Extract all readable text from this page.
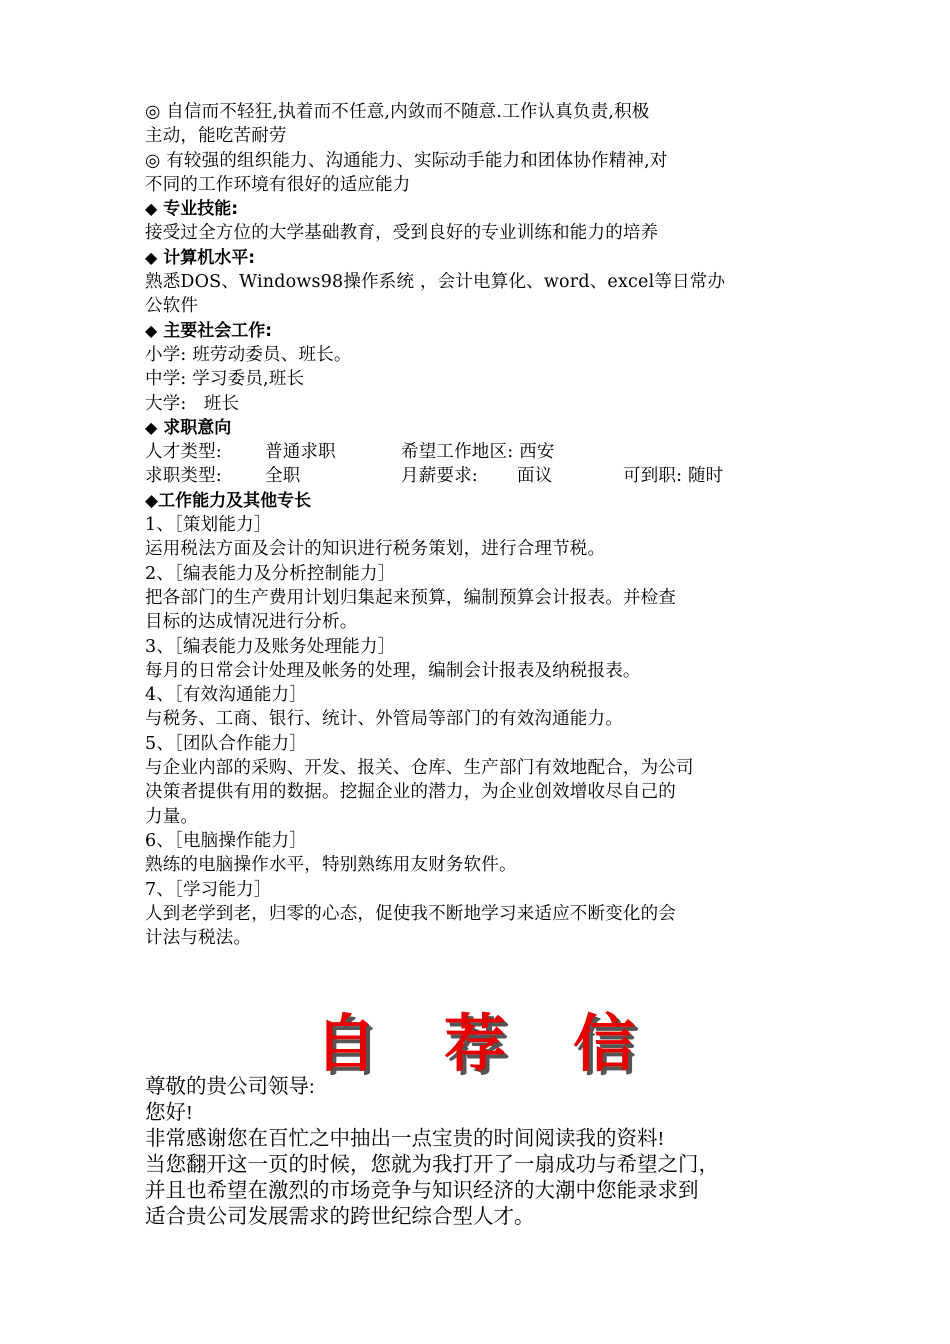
◎ 自信而不轻狂,执着而不任意,内敛而不随意.工作认真负责,积极
主动，能吃苦耐劳
◎ 有较强的组织能力、沟通能力、实际动手能力和团体协作精神,对
不同的工作环境有很好的适应能力
◆ 专业技能:
接受过全方位的大学基础教育，受到良好的专业训练和能力的培养
◆ 计算机水平:
熟悉DOS、Windows98操作系统 ，会计电算化、word、excel等日常办
公软件
◆ 主要社会工作:
小学: 班劳动委员、班长。
中学: 学习委员,班长
大学:   班长
◆ 求职意向
人才类型: 普通求职	希望工作地区: 西安
求职类型: 全职	月薪要求: 面议	可到职: 随时
◆工作能力及其他专长
1、［策划能力］
运用税法方面及会计的知识进行税务策划，进行合理节税。
2、［编表能力及分析控制能力］
把各部门的生产费用计划归集起来预算，编制预算会计报表。并检查
目标的达成情况进行分析。
3、［编表能力及账务处理能力］
每月的日常会计处理及帐务的处理，编制会计报表及纳税报表。
4、［有效沟通能力］
与税务、工商、银行、统计、外管局等部门的有效沟通能力。
5、［团队合作能力］
与企业内部的采购、开发、报关、仓库、生产部门有效地配合，为公司
决策者提供有用的数据。挖掘企业的潜力，为企业创效增收尽自己的
力量。
6、［电脑操作能力］
熟练的电脑操作水平，特别熟练用友财务软件。
7、［学习能力］
人到老学到老，归零的心态，促使我不断地学习来适应不断变化的会
计法与税法。
自 荐 信
尊敬的贵公司领导:
您好!
非常感谢您在百忙之中抽出一点宝贵的时间阅读我的资料!
当您翻开这一页的时候，您就为我打开了一扇成功与希望之门，
并且也希望在激烈的市场竞争与知识经济的大潮中您能录求到
适合贵公司发展需求的跨世纪综合型人才。
